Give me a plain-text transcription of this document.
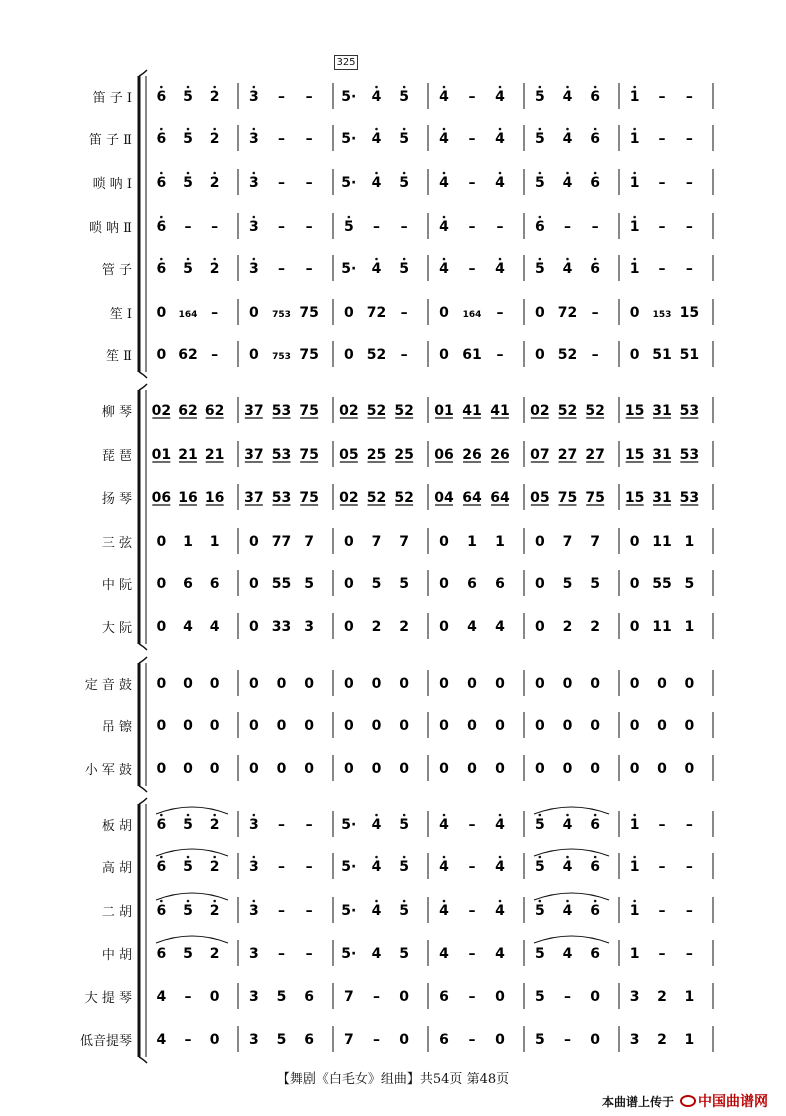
325
笛 子 Ⅰ
笛 子 Ⅱ
唢 呐 Ⅰ
唢 呐 Ⅱ
管 子
笙 Ⅰ
笙 Ⅱ
柳 琴
琵 琶
扬 琴
三 弦
中 阮
大 阮
定 音 鼓
吊 镲
小 军 鼓
板 胡
高 胡
二 胡
中 胡
大 提 琴
低音提琴
6 5 2 3 – – 5· 4 5 4 – 4 5 4 6 1 – –
6 5 2 3 – – 5· 4 5 4 – 4 5 4 6 1 – –
6 5 2 3 – – 5· 4 5 4 – 4 5 4 6 1 – –
6 – – 3 – – 5 – – 4 – – 6 – – 1 – –
6 5 2 3 – – 5· 4 5 4 – 4 5 4 6 1 – –
0 164 – 0 753 75 0 72 – 0 164 – 0 72 – 0 153 15
0 62 – 0 753 75 0 52 – 0 61 – 0 52 – 0 51 51
02 62 62 37 53 75 02 52 52 01 41 41 02 52 52 15 31 53
01 21 21 37 53 75 05 25 25 06 26 26 07 27 27 15 31 53
06 16 16 37 53 75 02 52 52 04 64 64 05 75 75 15 31 53
0 1 1 0 77 7 0 7 7 0 1 1 0 7 7 0 11 1
0 6 6 0 55 5 0 5 5 0 6 6 0 5 5 0 55 5
0 4 4 0 33 3 0 2 2 0 4 4 0 2 2 0 11 1
0 0 0 0 0 0 0 0 0 0 0 0 0 0 0 0 0 0
0 0 0 0 0 0 0 0 0 0 0 0 0 0 0 0 0 0
0 0 0 0 0 0 0 0 0 0 0 0 0 0 0 0 0 0
6 5 2 3 – – 5· 4 5 4 – 4 5 4 6 1 – –
6 5 2 3 – – 5· 4 5 4 – 4 5 4 6 1 – –
6 5 2 3 – – 5· 4 5 4 – 4 5 4 6 1 – –
6 5 2 3 – – 5· 4 5 4 – 4 5 4 6 1 – –
4 – 0 3 5 6 7 – 0 6 – 0 5 – 0 3 2 1
4 – 0 3 5 6 7 – 0 6 – 0 5 – 0 3 2 1
【舞剧《白毛女》组曲】共54页 第48页
本曲谱上传于 中国曲谱网
